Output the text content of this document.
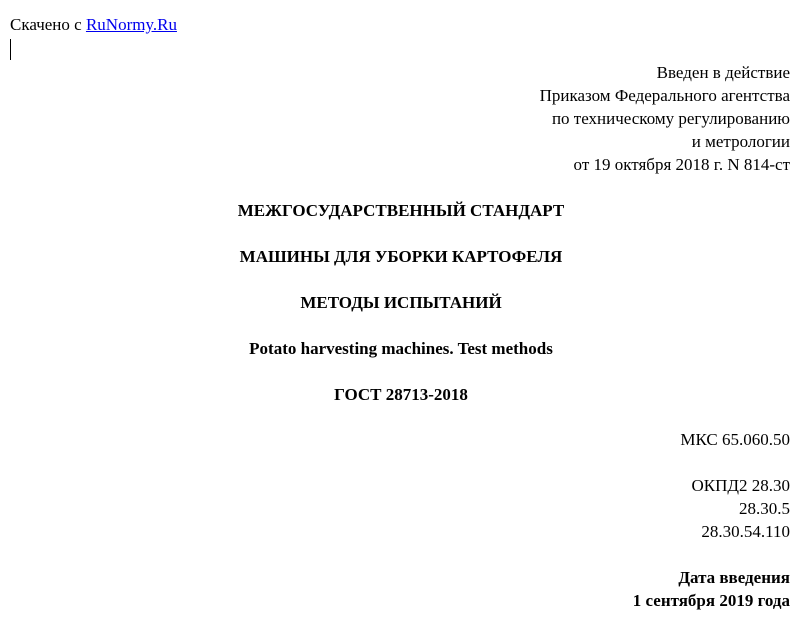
Скачено с RuNormy.Ru
Введен в действие
Приказом Федерального агентства
по техническому регулированию
и метрологии
от 19 октября 2018 г. N 814-ст
МЕЖГОСУДАРСТВЕННЫЙ СТАНДАРТ
МАШИНЫ ДЛЯ УБОРКИ КАРТОФЕЛЯ
МЕТОДЫ ИСПЫТАНИЙ
Potato harvesting machines. Test methods
ГОСТ 28713-2018
МКС 65.060.50
ОКПД2 28.30
28.30.5
28.30.54.110
Дата введения
1 сентября 2019 года
